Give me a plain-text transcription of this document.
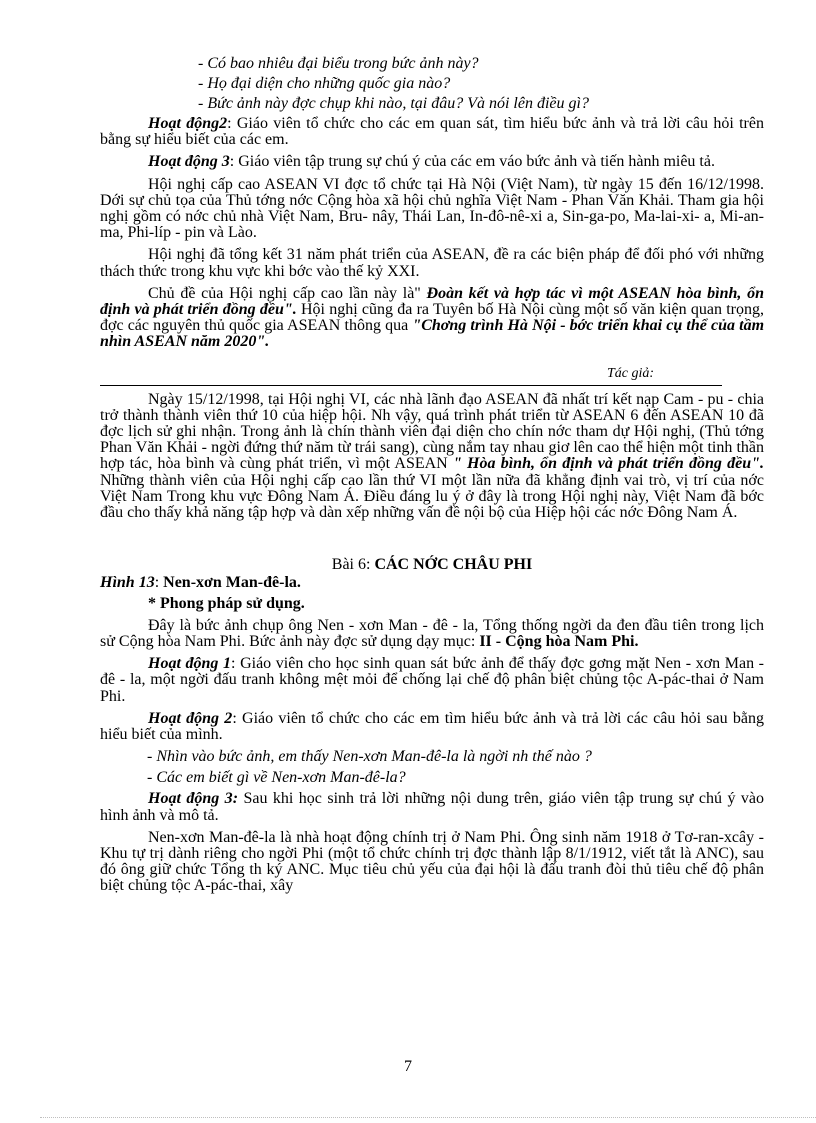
- Có bao nhiêu đại biểu trong bức ảnh này?

- Họ đại diện cho những quốc gia nào?

- Bức ảnh này đợc chụp khi nào, tại đâu? Và nói lên điều gì?

Hoạt động2: Giáo viên tổ chức cho các em quan sát, tìm hiểu bức ảnh và trả lời câu hỏi trên bằng sự hiểu biết của các em.

Hoạt động 3: Giáo viên tập trung sự chú ý của các em váo bức ảnh và tiến hành miêu tả.

Hội nghị cấp cao ASEAN VI đợc tổ chức tại Hà Nội (Việt Nam), từ ngày 15 đến 16/12/1998. Dới sự chủ tọa của Thủ tớng nớc Cộng hòa xã hội chủ nghĩa Việt Nam - Phan Văn Khải. Tham gia hội nghị gồm có nớc chủ nhà Việt Nam, Bru- nây, Thái Lan, In-đô-nê-xi a, Sin-ga-po, Ma-lai-xi- a, Mi-an-ma, Phi-líp - pin và Lào.

Hội nghị đã tổng kết 31 năm phát triển của ASEAN, đề ra các biện pháp để đối phó với những thách thức trong khu vực khi bớc vào thế kỷ XXI.

Chủ đề của Hội nghị cấp cao lần này là" Đoàn kết và hợp tác vì một ASEAN hòa bình, ổn định và phát triển đồng đều". Hội nghị cũng đa ra Tuyên bố Hà Nội cùng một số văn kiện quan trọng, đợc các nguyên thủ quốc gia ASEAN thông qua "Chơng trình Hà Nội - bớc triển khai cụ thể của tầm nhìn ASEAN năm 2020".

Tác giả:

Ngày 15/12/1998, tại Hội nghị VI, các nhà lãnh đạo ASEAN đã nhất trí kết nạp Cam - pu - chia trở thành thành viên thứ 10 của hiệp hội. Nh vậy, quá trình phát triển từ ASEAN 6 đến ASEAN 10 đã đợc lịch sử ghi nhận. Trong ảnh là chín thành viên đại diện cho chín nớc tham dự Hội nghị, (Thủ tớng Phan Văn Khải - ngời đứng thứ năm từ trái sang), cùng nắm tay nhau giơ lên cao thể hiện một tinh thần hợp tác, hòa bình và cùng phát triển, vì một ASEAN " Hòa bình, ổn định và phát triển đồng đều". Những thành viên của Hội nghị cấp cao lần thứ VI một lần nữa đã khẳng định vai trò, vị trí của nớc Việt Nam Trong khu vực Đông Nam Á. Điều đáng lu ý ở đây là trong Hội nghị này, Việt Nam đã bớc đầu cho thấy khả năng tập hợp và dàn xếp những vấn đề nội bộ của Hiệp hội các nớc Đông Nam Á.

Bài 6: CÁC NỚC CHÂU PHI

Hình 13: Nen-xơn Man-đê-la.

* Phong pháp sử dụng.

Đây là bức ảnh chụp ông Nen - xơn Man - đê - la, Tổng thống ngời da đen đầu tiên trong lịch sử Cộng hòa Nam Phi. Bức ảnh này đợc sử dụng dạy mục: II - Cộng hòa Nam Phi.

Hoạt động 1: Giáo viên cho học sinh quan sát bức ảnh để thấy đợc gơng mặt Nen - xơn Man - đê - la, một ngời đấu tranh không mệt mỏi để chống lại chế độ phân biệt chủng tộc A-pác-thai ở Nam Phi.

Hoạt động 2: Giáo viên tổ chức cho các em tìm hiểu bức ảnh và trả lời các câu hỏi sau bằng hiểu biết của mình.

- Nhìn vào bức ảnh, em thấy Nen-xơn Man-đê-la là ngời nh thế nào ?

- Các em biết gì về Nen-xơn Man-đê-la?

Hoạt động 3: Sau khi học sinh trả lời những nội dung trên, giáo viên tập trung sự chú ý vào hình ảnh và mô tả.

Nen-xơn Man-đê-la là nhà hoạt động chính trị ở Nam Phi. Ông sinh năm 1918 ở Tơ-ran-xcây - Khu tự trị dành riêng cho ngời Phi (một tổ chức chính trị đợc thành lập 8/1/1912, viết tắt là ANC), sau đó ông giữ chức Tổng th ký ANC. Mục tiêu chủ yếu của đại hội là đấu tranh đòi thủ tiêu chế độ phân biệt chủng tộc A-pác-thai, xây

7
